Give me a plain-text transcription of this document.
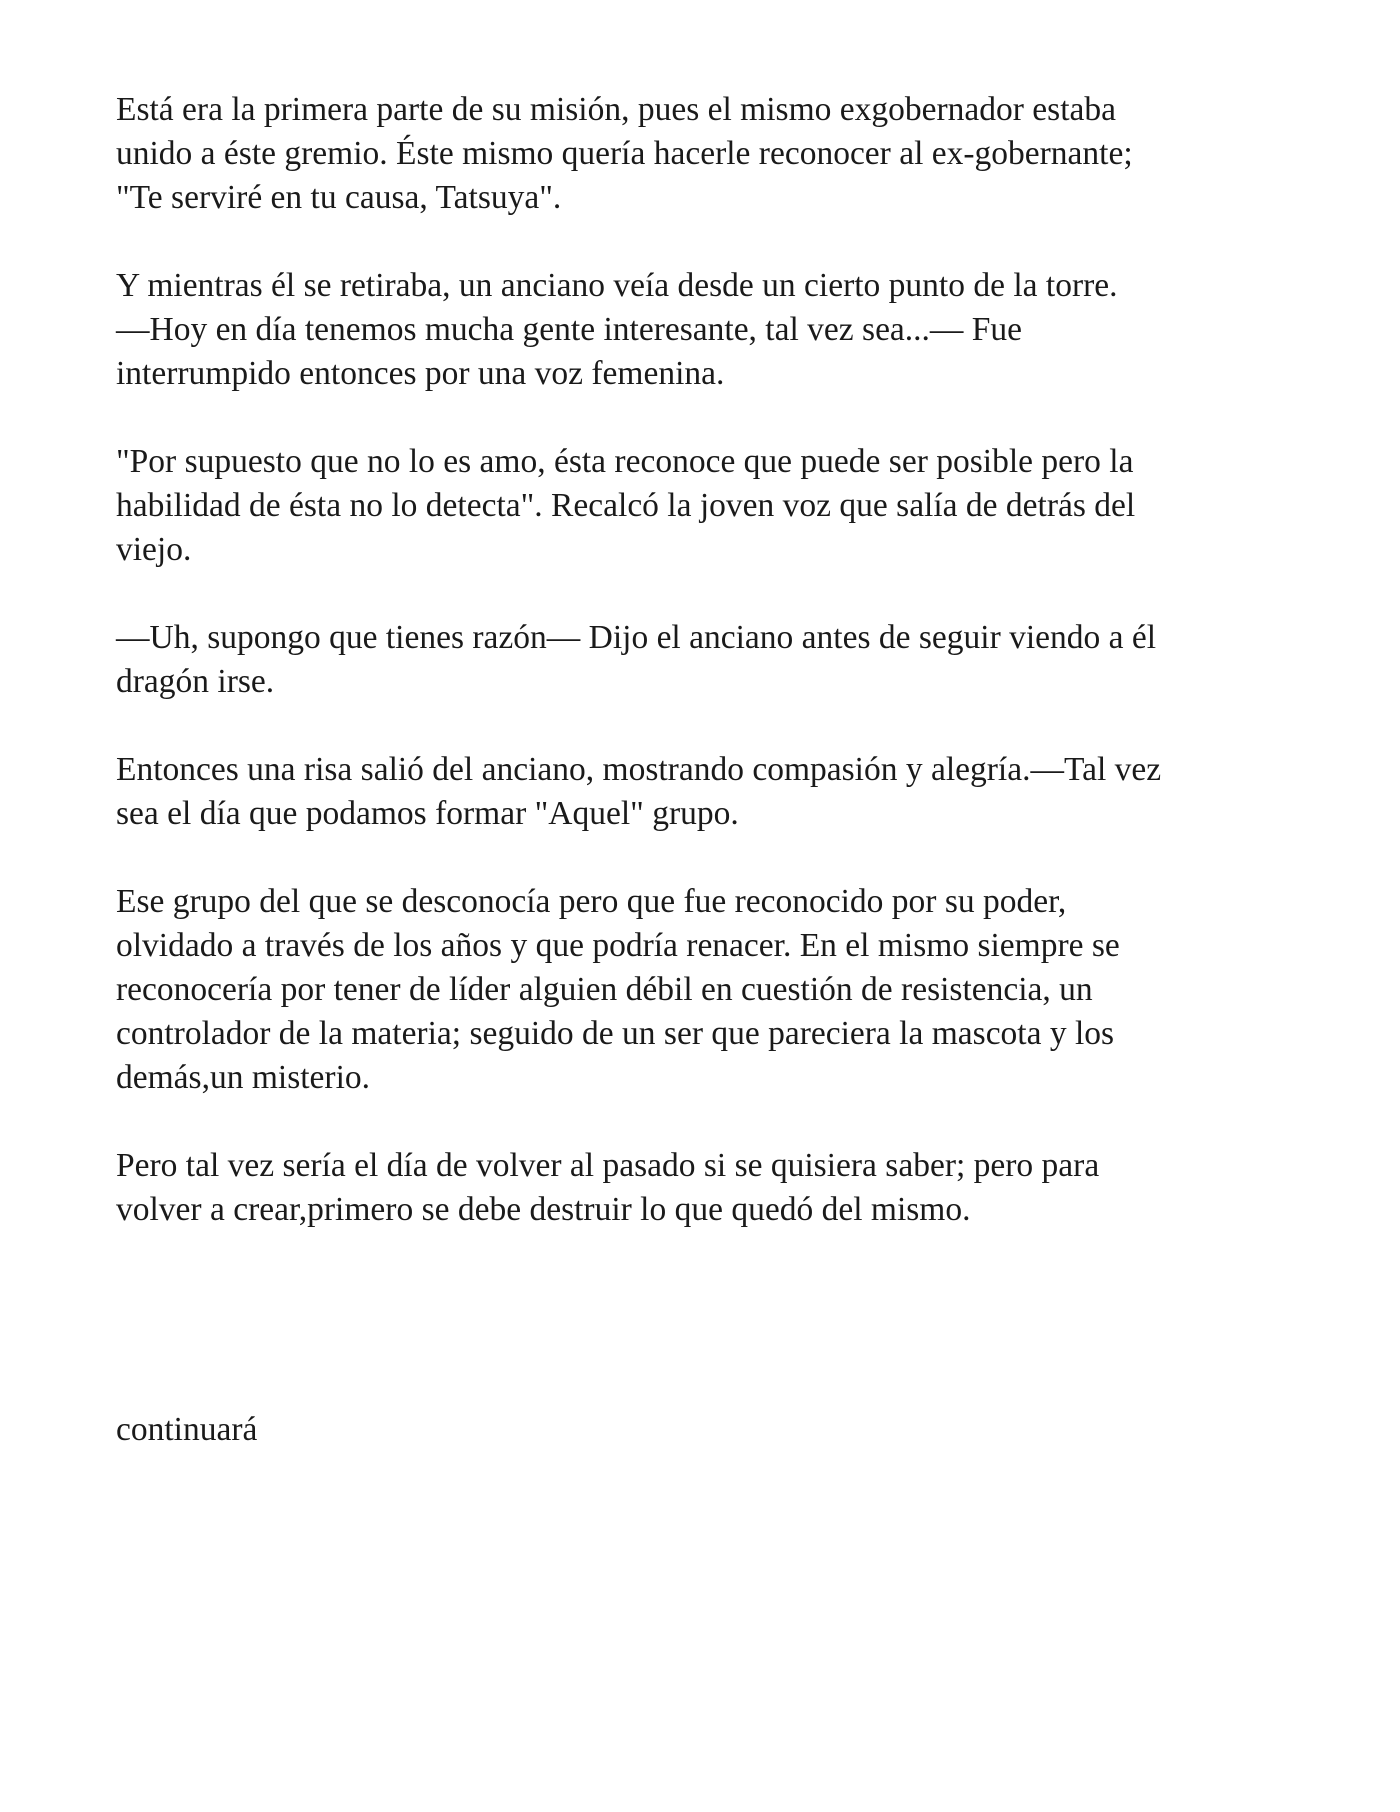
Está era la primera parte de su misión, pues el mismo exgobernador estaba
unido a éste gremio. Éste mismo quería hacerle reconocer al ex-gobernante;
"Te serviré en tu causa, Tatsuya".

Y mientras él se retiraba, un anciano veía desde un cierto punto de la torre.
—Hoy en día tenemos mucha gente interesante, tal vez sea...— Fue
interrumpido entonces por una voz femenina.

"Por supuesto que no lo es amo, ésta reconoce que puede ser posible pero la
habilidad de ésta no lo detecta". Recalcó la joven voz que salía de detrás del
viejo.

—Uh, supongo que tienes razón— Dijo el anciano antes de seguir viendo a él
dragón irse.

Entonces una risa salió del anciano, mostrando compasión y alegría.—Tal vez
sea el día que podamos formar "Aquel" grupo.

Ese grupo del que se desconocía pero que fue reconocido por su poder,
olvidado a través de los años y que podría renacer. En el mismo siempre se
reconocería por tener de líder alguien débil en cuestión de resistencia, un
controlador de la materia; seguido de un ser que pareciera la mascota y los
demás,un misterio.

Pero tal vez sería el día de volver al pasado si se quisiera saber; pero para
volver a crear,primero se debe destruir lo que quedó del mismo.

continuará
